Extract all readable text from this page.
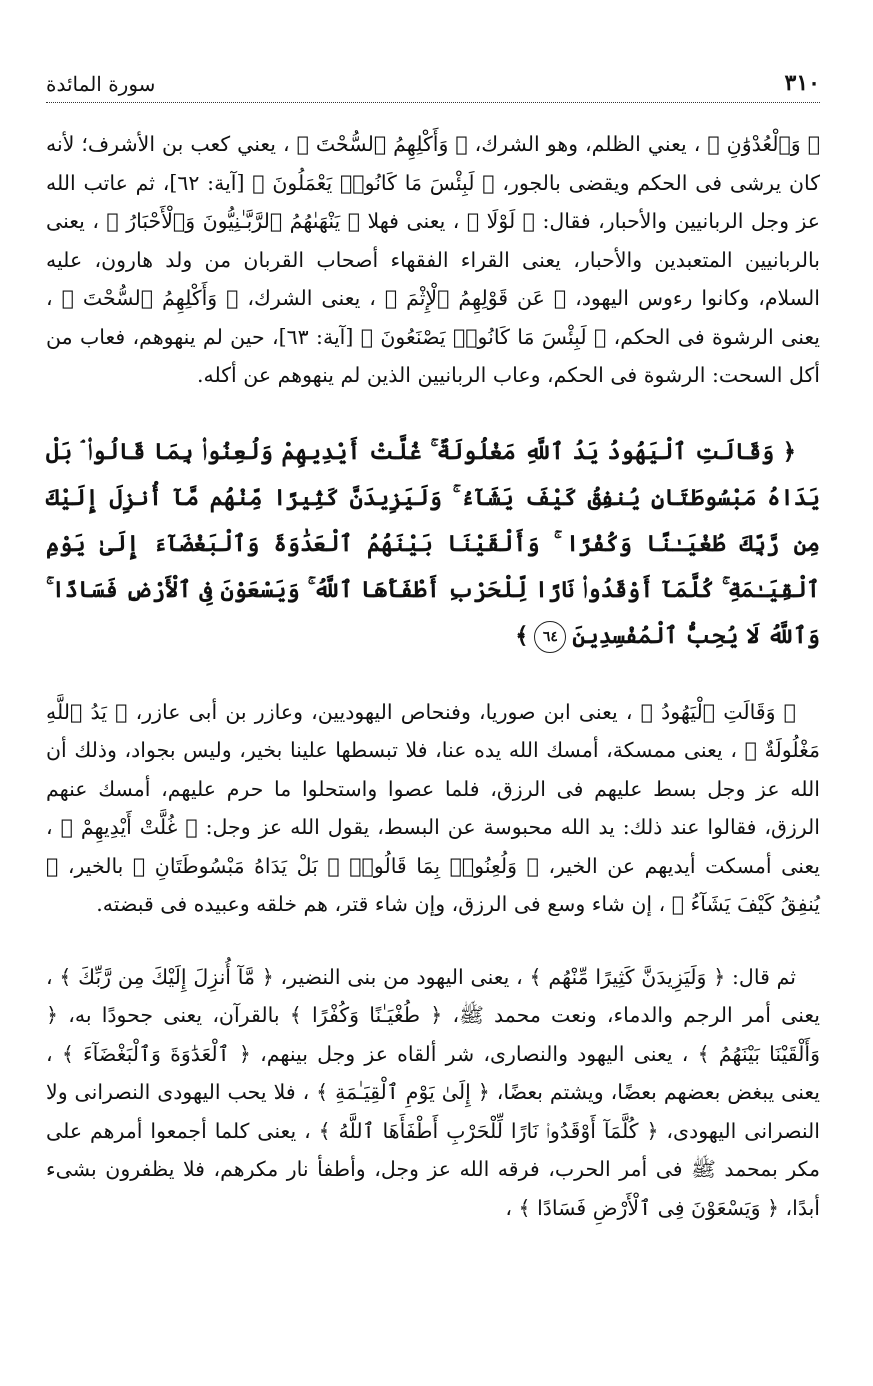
٣١٠
سورة المائدة

﴿ وَٱلْعُدْوَٰنِ ﴾ ، يعني الظلم، وهو الشرك، ﴿ وَأَكْلِهِمُ ٱلسُّحْتَ ﴾ ، يعني كعب بن الأشرف؛ لأنه كان يرشى فى الحكم ويقضى بالجور، ﴿ لَبِئْسَ مَا كَانُوا۟ يَعْمَلُونَ ﴾ [آية: ٦٢]، ثم عاتب الله عز وجل الربانيين والأحبار، فقال: ﴿ لَوْلَا ﴾ ، يعنى فهلا ﴿ يَنْهَىٰهُمُ ٱلرَّبَّـٰنِيُّونَ وَٱلْأَحْبَارُ ﴾ ، يعنى بالربانيين المتعبدين والأحبار، يعنى القراء الفقهاء أصحاب القربان من ولد هارون، عليه السلام، وكانوا رءوس اليهود، ﴿ عَن قَوْلِهِمُ ٱلْإِثْمَ ﴾ ، يعنى الشرك، ﴿ وَأَكْلِهِمُ ٱلسُّحْتَ ﴾ ، يعنى الرشوة فى الحكم، ﴿ لَبِئْسَ مَا كَانُوا۟ يَصْنَعُونَ ﴾ [آية: ٦٣]، حين لم ينهوهم، فعاب من أكل السحت: الرشوة فى الحكم، وعاب الربانيين الذين لم ينهوهم عن أكله.

﴿ وَقَالَتِ ٱلْيَهُودُ يَدُ ٱللَّهِ مَغْلُولَةٌ ۚ غُلَّتْ أَيْدِيهِمْ وَلُعِنُوا۟ بِمَا قَالُوا۟ ۘ بَلْ يَدَاهُ مَبْسُوطَتَانِ يُنفِقُ كَيْفَ يَشَآءُ ۚ وَلَيَزِيدَنَّ كَثِيرًا مِّنْهُم مَّآ أُنزِلَ إِلَيْكَ مِن رَّبِّكَ طُغْيَـٰنًا وَكُفْرًا ۚ وَأَلْقَيْنَا بَيْنَهُمُ ٱلْعَدَٰوَةَ وَٱلْبَغْضَآءَ إِلَىٰ يَوْمِ ٱلْقِيَـٰمَةِ ۚ كُلَّمَآ أَوْقَدُوا۟ نَارًا لِّلْحَرْبِ أَطْفَأَهَا ٱللَّهُ ۚ وَيَسْعَوْنَ فِى ٱلْأَرْضِ فَسَادًا ۚ وَٱللَّهُ لَا يُحِبُّ ٱلْمُفْسِدِينَ٦٤﴾

﴿ وَقَالَتِ ٱلْيَهُودُ ﴾ ، يعنى ابن صوريا، وفنحاص اليهوديين، وعازر بن أبى عازر، ﴿ يَدُ ٱللَّهِ مَغْلُولَةٌ ﴾ ، يعنى ممسكة، أمسك الله يده عنا، فلا تبسطها علينا بخير، وليس بجواد، وذلك أن الله عز وجل بسط عليهم فى الرزق، فلما عصوا واستحلوا ما حرم عليهم، أمسك عنهم الرزق، فقالوا عند ذلك: يد الله محبوسة عن البسط، يقول الله عز وجل: ﴿ غُلَّتْ أَيْدِيهِمْ ﴾ ، يعنى أمسكت أيديهم عن الخير، ﴿ وَلُعِنُوا۟ بِمَا قَالُوا۟ ۘ بَلْ يَدَاهُ مَبْسُوطَتَانِ ﴾ بالخير، ﴿ يُنفِقُ كَيْفَ يَشَآءُ ﴾ ، إن شاء وسع فى الرزق، وإن شاء قتر، هم خلقه وعبيده فى قبضته.

ثم قال: ﴿ وَلَيَزِيدَنَّ كَثِيرًا مِّنْهُم ﴾ ، يعنى اليهود من بنى النضير، ﴿ مَّآ أُنزِلَ إِلَيْكَ مِن رَّبِّكَ ﴾ ، يعنى أمر الرجم والدماء، ونعت محمد ﷺ، ﴿ طُغْيَـٰنًا وَكُفْرًا ﴾ بالقرآن، يعنى جحودًا به، ﴿ وَأَلْقَيْنَا بَيْنَهُمُ ﴾ ، يعنى اليهود والنصارى، شر ألقاه عز وجل بينهم، ﴿ ٱلْعَدَٰوَةَ وَٱلْبَغْضَآءَ ﴾ ، يعنى يبغض بعضهم بعضًا، ويشتم بعضًا، ﴿ إِلَىٰ يَوْمِ ٱلْقِيَـٰمَةِ ﴾ ، فلا يحب اليهودى النصرانى ولا النصرانى اليهودى، ﴿ كُلَّمَآ أَوْقَدُوا۟ نَارًا لِّلْحَرْبِ أَطْفَأَهَا ٱللَّهُ ﴾ ، يعنى كلما أجمعوا أمرهم على مكر بمحمد ﷺ فى أمر الحرب، فرقه الله عز وجل، وأطفأ نار مكرهم، فلا يظفرون بشىء أبدًا، ﴿ وَيَسْعَوْنَ فِى ٱلْأَرْضِ فَسَادًا ﴾ ،
